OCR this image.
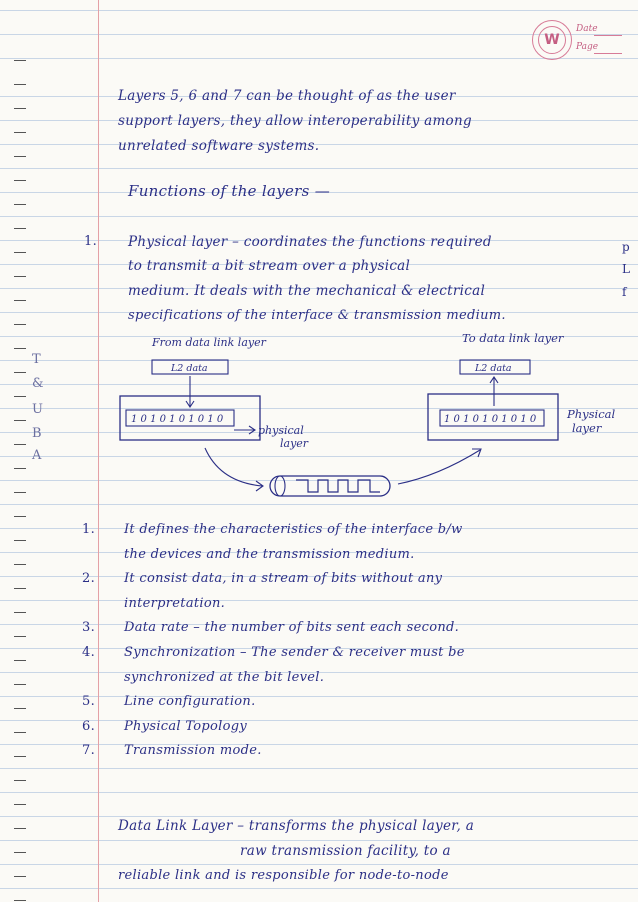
W
Date
Page
T
&
U
B
A
p
L
f
Layers 5, 6 and 7 can be thought of as the user
support layers, they allow interoperability among
unrelated software systems.
Functions of the layers —
1. Physical layer – coordinates the functions required
to transmit a bit stream over a physical
medium. It deals with the mechanical & electrical
specifications of the interface & transmission medium.
From data link layer	To data link layer
L2 data
1 0 1 0 1 0 1 0 1 0
physical
layer
L2 data
1 0 1 0 1 0 1 0 1 0	Physical
layer
1. It defines the characteristics of the interface b/w
the devices and the transmission medium.
2. It consist data, in a stream of bits without any
interpretation.
3. Data rate – the number of bits sent each second.
4. Synchronization – The sender & receiver must be
synchronized at the bit level.
5. Line configuration.
6. Physical Topology
7. Transmission mode.
Data Link Layer – transforms the physical layer, a
raw transmission facility, to a
reliable link and is responsible for node-to-node
